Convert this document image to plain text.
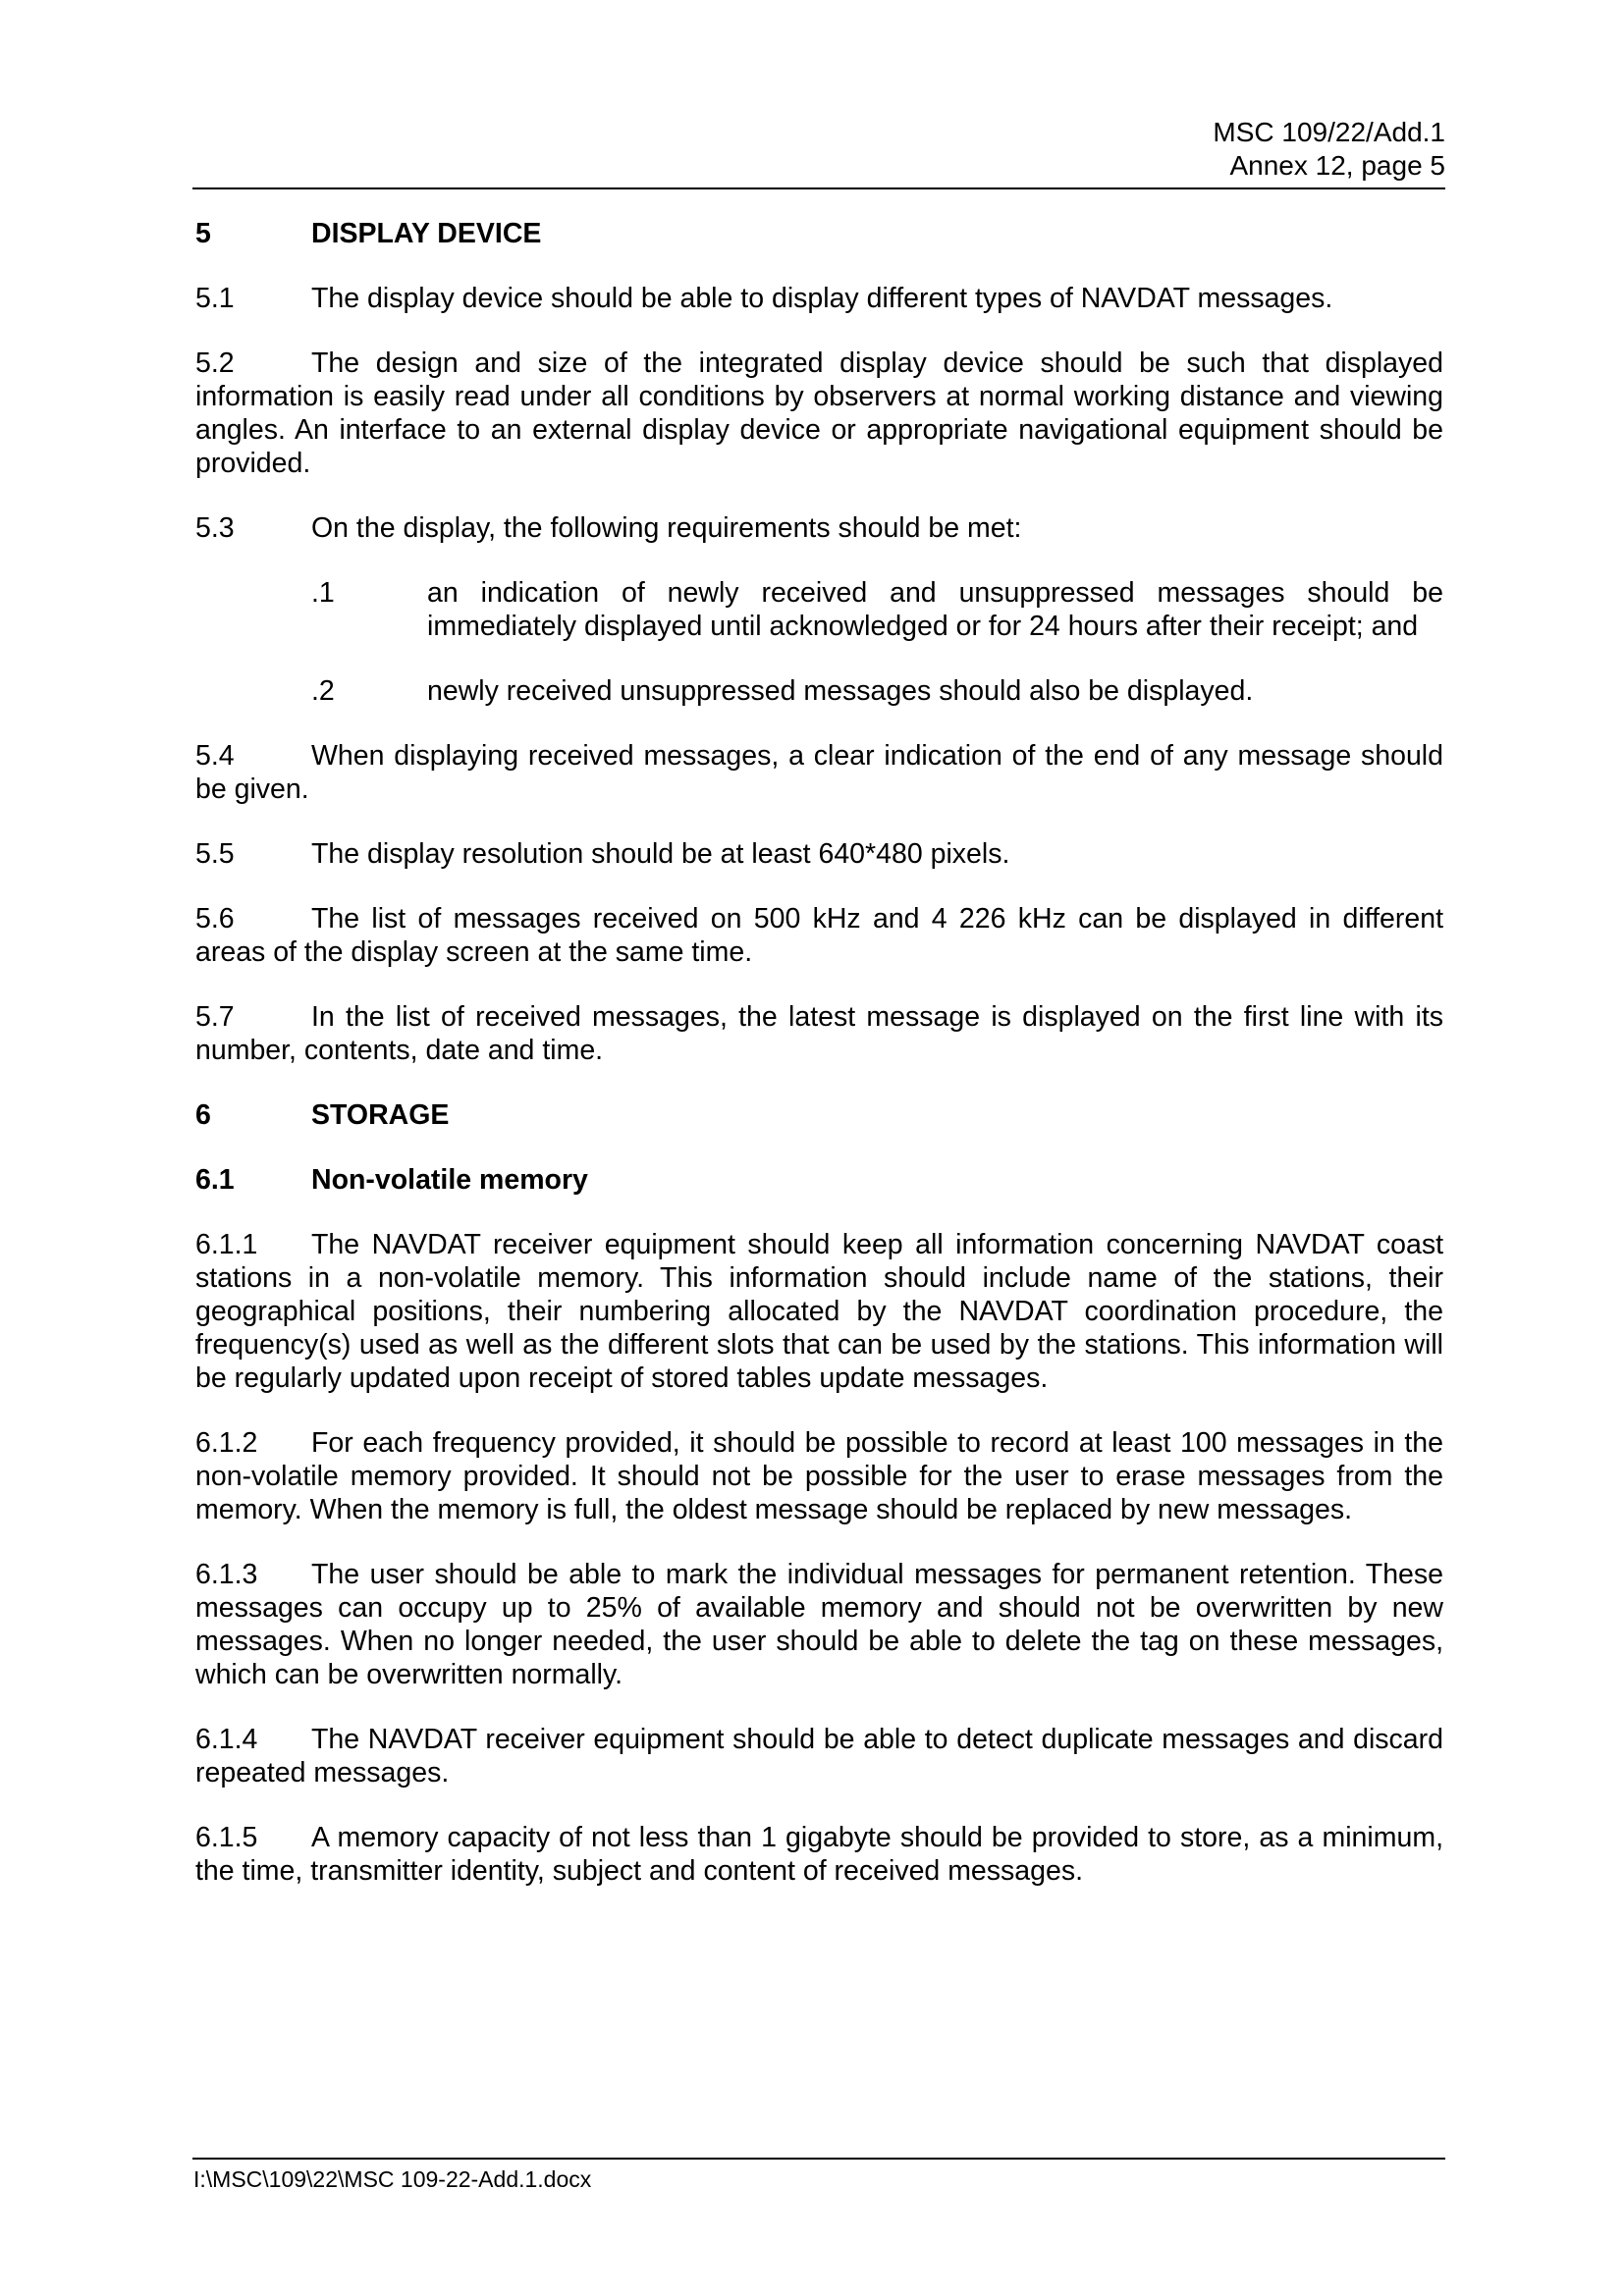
MSC 109/22/Add.1
Annex 12, page 5
5	DISPLAY DEVICE

5.1	The display device should be able to display different types of NAVDAT messages.

5.2	The design and size of the integrated display device should be such that displayed information is easily read under all conditions by observers at normal working distance and viewing angles. An interface to an external display device or appropriate navigational equipment should be provided.

5.3	On the display, the following requirements should be met:

.1	an indication of newly received and unsuppressed messages should be immediately displayed until acknowledged or for 24 hours after their receipt; and
.2	newly received unsuppressed messages should also be displayed.

5.4	When displaying received messages, a clear indication of the end of any message should be given.

5.5	The display resolution should be at least 640*480 pixels.

5.6	The list of messages received on 500 kHz and 4 226 kHz can be displayed in different areas of the display screen at the same time.

5.7	In the list of received messages, the latest message is displayed on the first line with its number, contents, date and time.

6	STORAGE
6.1	Non-volatile memory

6.1.1 The NAVDAT receiver equipment should keep all information concerning NAVDAT coast stations in a non-volatile memory. This information should include name of the stations, their geographical positions, their numbering allocated by the NAVDAT coordination procedure, the frequency(s) used as well as the different slots that can be used by the stations. This information will be regularly updated upon receipt of stored tables update messages.

6.1.2 For each frequency provided, it should be possible to record at least 100 messages in the non-volatile memory provided. It should not be possible for the user to erase messages from the memory. When the memory is full, the oldest message should be replaced by new messages.

6.1.3 The user should be able to mark the individual messages for permanent retention. These messages can occupy up to 25% of available memory and should not be overwritten by new messages. When no longer needed, the user should be able to delete the tag on these messages, which can be overwritten normally.

6.1.4 The NAVDAT receiver equipment should be able to detect duplicate messages and discard repeated messages.

6.1.5 A memory capacity of not less than 1 gigabyte should be provided to store, as a minimum, the time, transmitter identity, subject and content of received messages.

I:\MSC\109\22\MSC 109-22-Add.1.docx
